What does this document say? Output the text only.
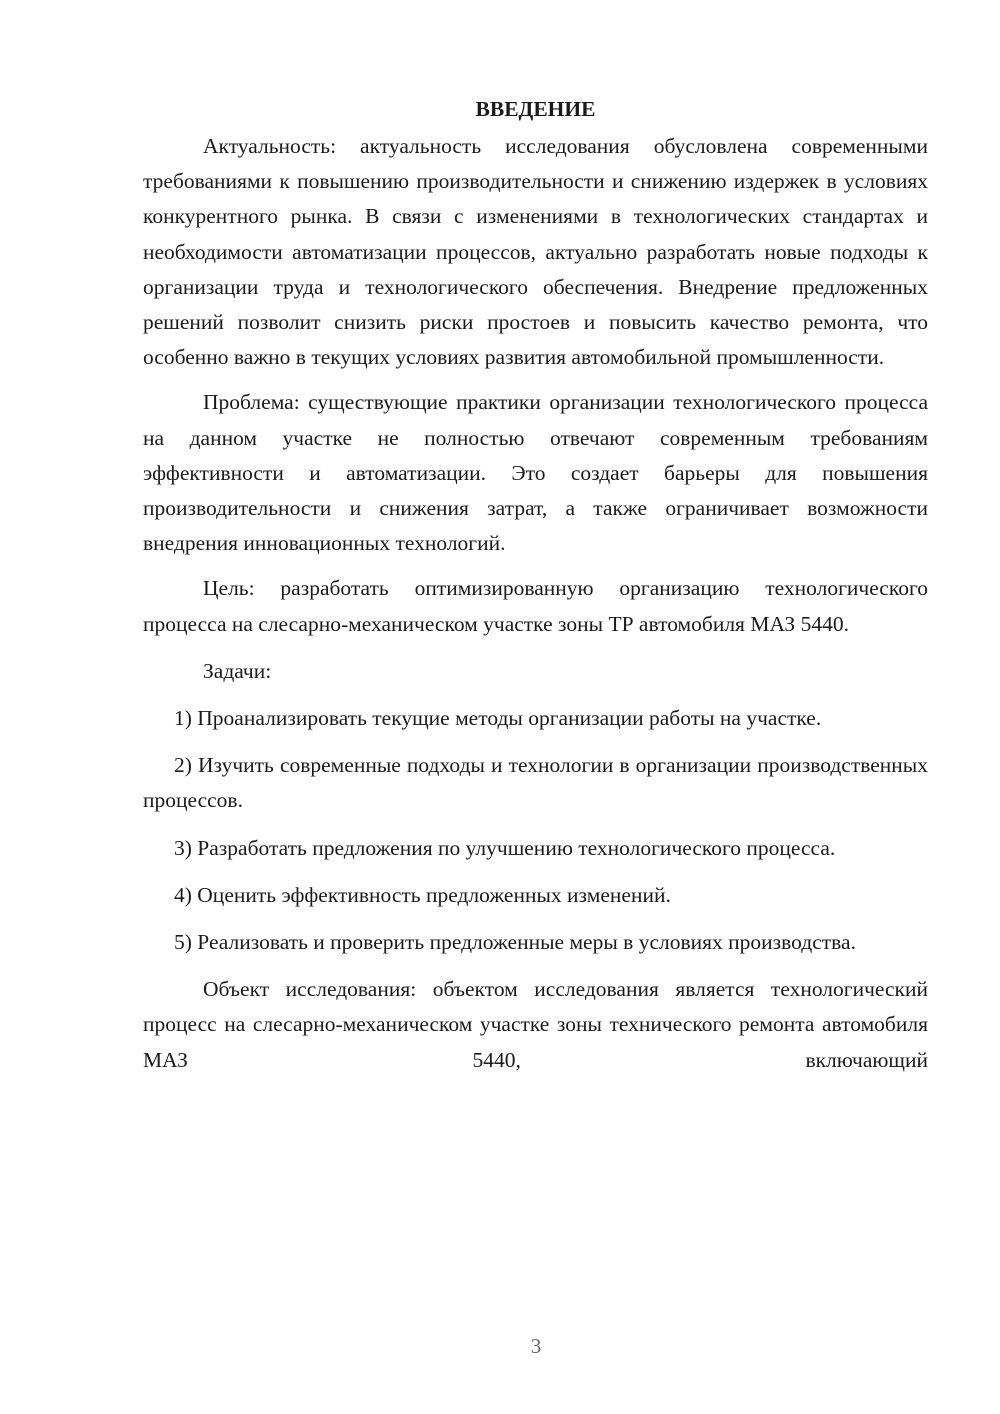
ВВЕДЕНИЕ

Актуальность: актуальность исследования обусловлена современными требованиями к повышению производительности и снижению издержек в условиях конкурентного рынка. В связи с изменениями в технологических стандартах и необходимости автоматизации процессов, актуально разработать новые подходы к организации труда и технологического обеспечения. Внедрение предложенных решений позволит снизить риски простоев и повысить качество ремонта, что особенно важно в текущих условиях развития автомобильной промышленности.

Проблема: существующие практики организации технологического процесса на данном участке не полностью отвечают современным требованиям эффективности и автоматизации. Это создает барьеры для повышения производительности и снижения затрат, а также ограничивает возможности внедрения инновационных технологий.

Цель: разработать оптимизированную организацию технологического процесса на слесарно-механическом участке зоны ТР автомобиля МАЗ 5440.

Задачи:

1) Проанализировать текущие методы организации работы на участке.

2) Изучить современные подходы и технологии в организации производственных процессов.

3) Разработать предложения по улучшению технологического процесса.

4) Оценить эффективность предложенных изменений.

5) Реализовать и проверить предложенные меры в условиях производства.

Объект исследования: объектом исследования является технологический процесс на слесарно-механическом участке зоны технического ремонта автомобиля МАЗ 5440, включающий

3
